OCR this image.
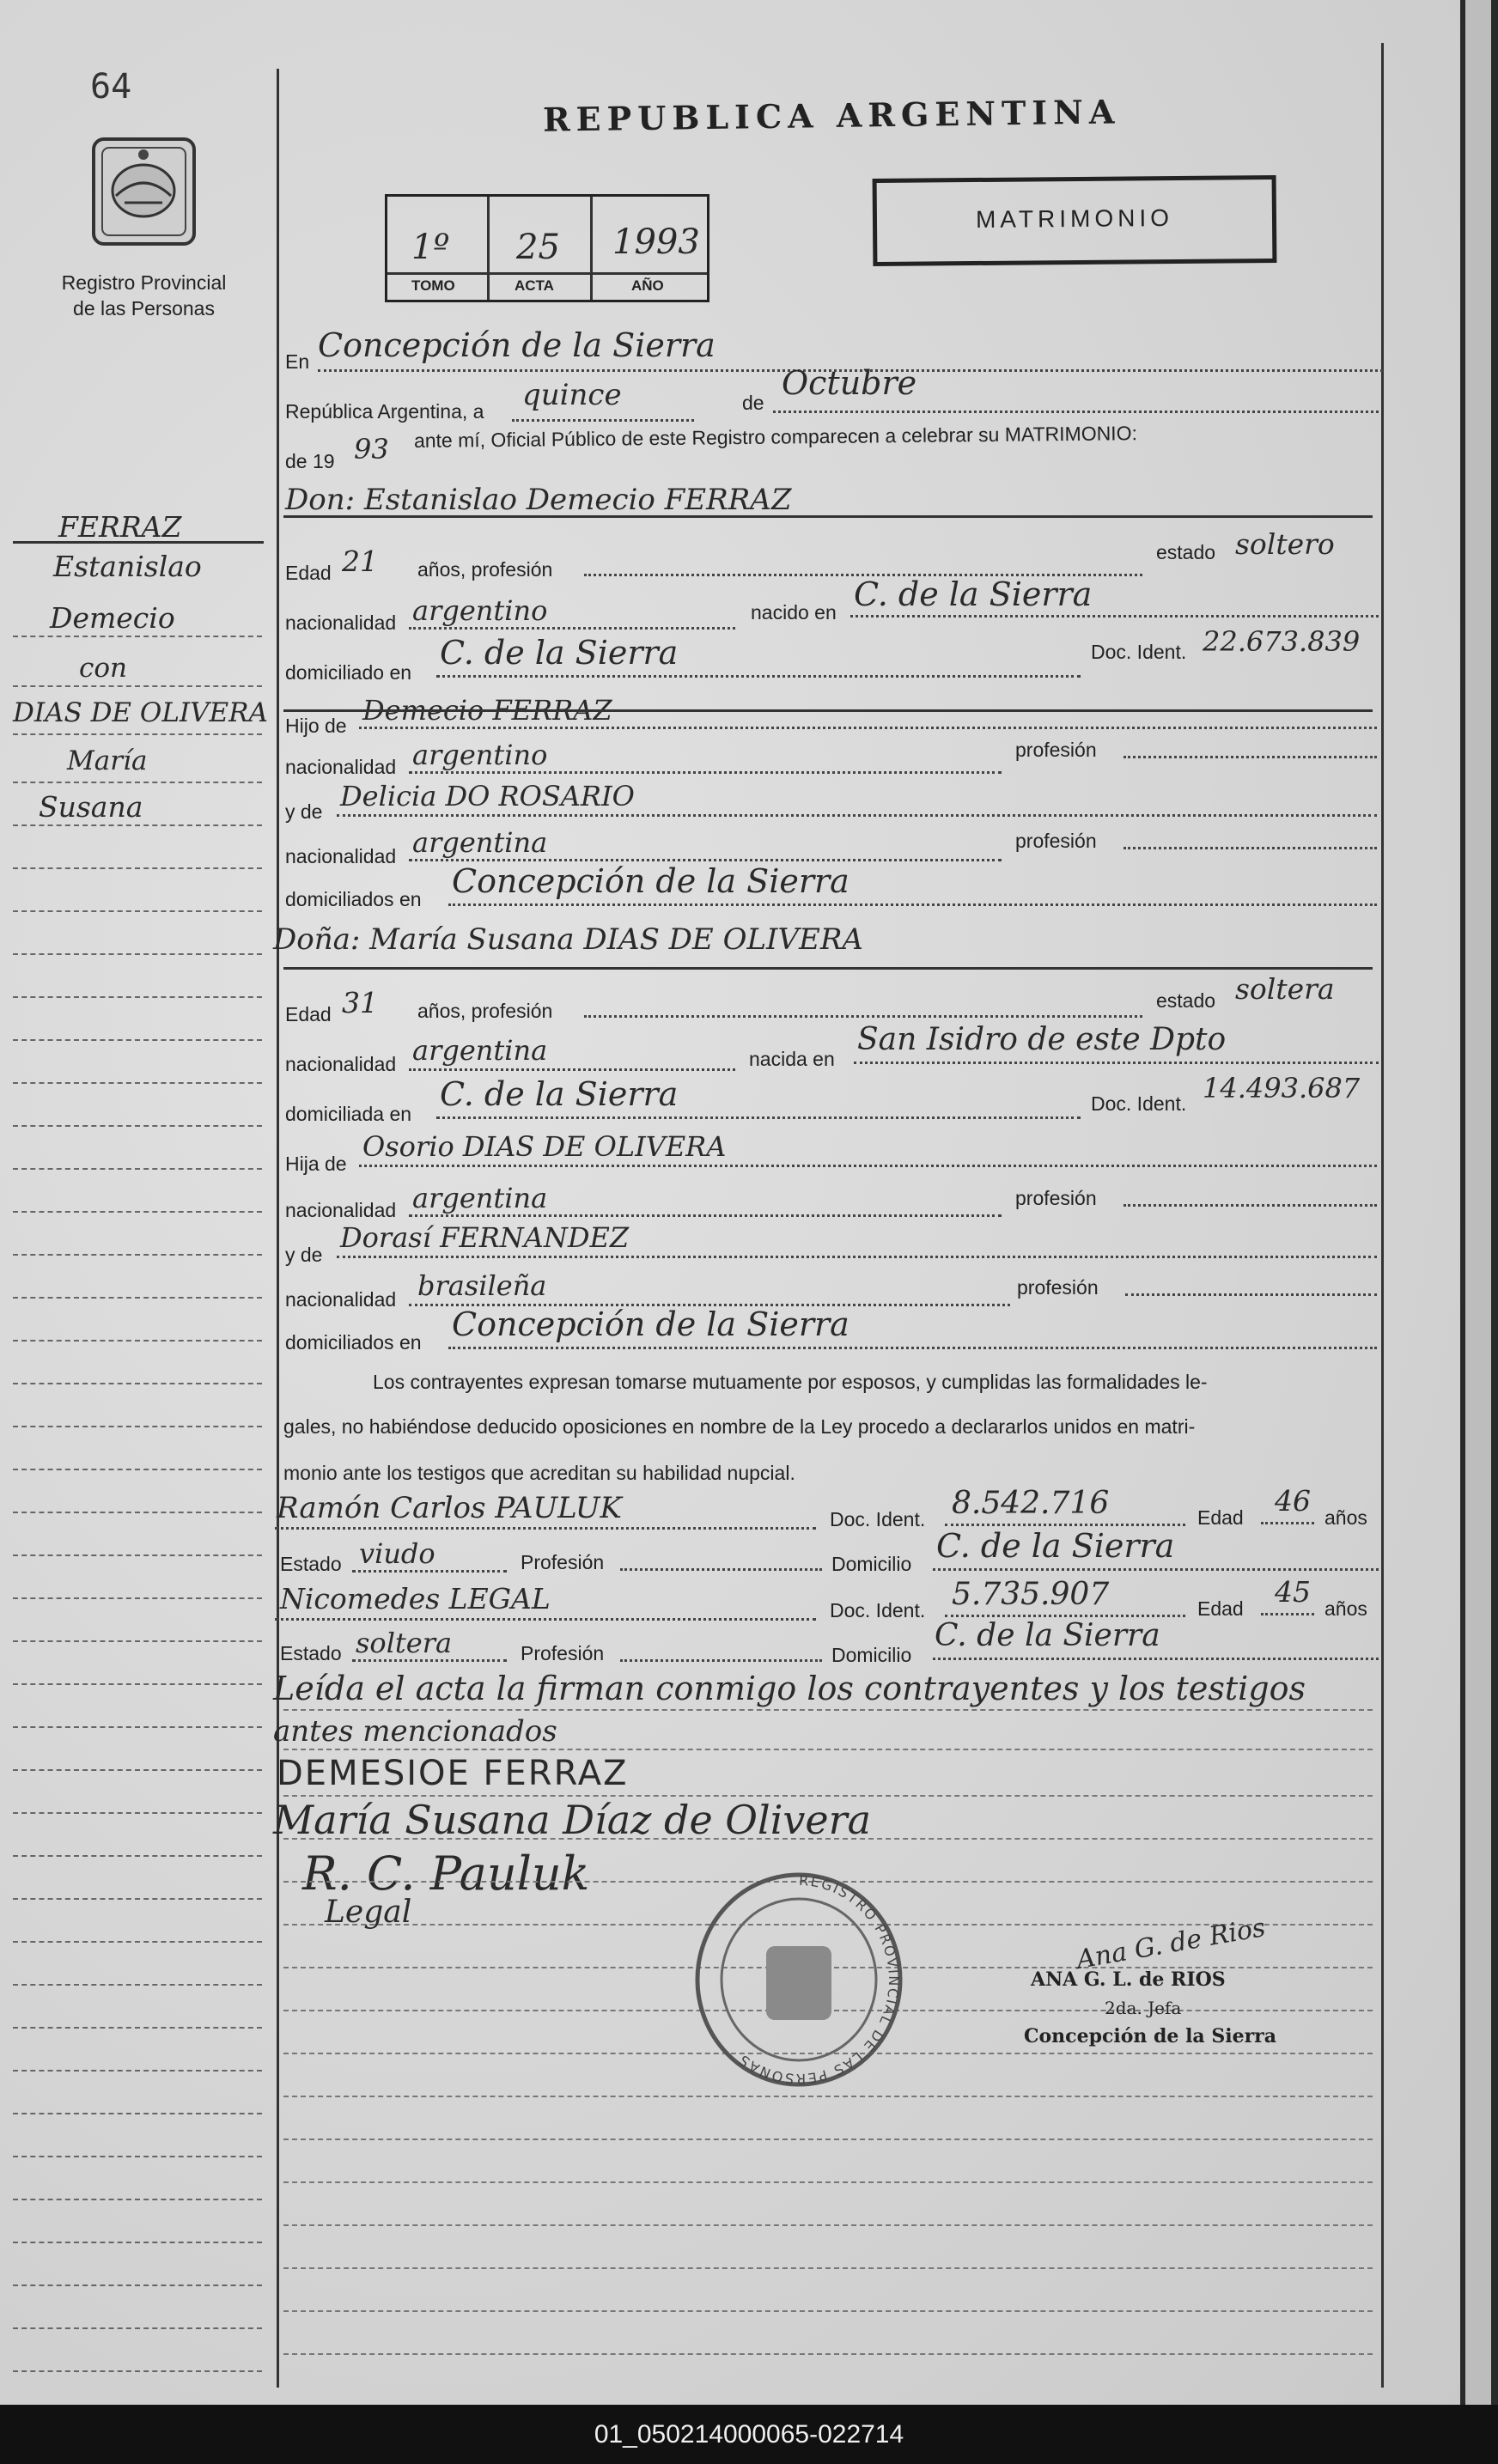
64
Registro Provincial
de las Personas
REPUBLICA ARGENTINA
1º 25 1993
TOMO	ACTA	AÑO
MATRIMONIO
FERRAZ
Estanislao
Demecio
con
DIAS DE OLIVERA
María
Susana
En Concepción de la Sierra
República Argentina, a quince	de
Octubre
de 19 93 ante mí, Oficial Público de este Registro comparecen a celebrar su MATRIMONIO:
Don: Estanislao Demecio FERRAZ
Edad 21 años, profesión
estado soltero
nacionalidad argentino	nacido en C. de la Sierra
domiciliado en
C. de la Sierra	Doc. Ident. 22.673.839
Hijo de Demecio FERRAZ
nacionalidad argentino	profesión
y de Delicia DO ROSARIO
nacionalidad argentina	profesión
domiciliados en Concepción de la Sierra
Doña: María Susana DIAS DE OLIVERA
Edad 31 años, profesión	estado soltera
nacionalidad argentina	nacida en
San Isidro de este Dpto
domiciliada en
C. de la Sierra	Doc. Ident. 14.493.687
Hija de
Osorio DIAS DE OLIVERA
nacionalidad argentina	profesión
y de
Dorasí FERNANDEZ
nacionalidad brasileña	profesión
domiciliados en Concepción de la Sierra
Los contrayentes expresan tomarse mutuamente por esposos, y cumplidas las formalidades le-
gales, no habiéndose deducido oposiciones en nombre de la Ley procedo a declararlos unidos en matri-
monio ante los testigos que acreditan su habilidad nupcial.
Ramón Carlos PAULUK	Doc. Ident. 8.542.716	Edad 46 años
Estado viudo	Profesión	Domicilio C. de la Sierra
Nicomedes LEGAL	Doc. Ident. 5.735.907	Edad 45 años
Estado soltera	Profesión	Domicilio
C. de la Sierra
Leída el acta la firman conmigo los contrayentes y los testigos
antes mencionados
DEMESIOE FERRAZ
María Susana Díaz de Olivera
R. C. Pauluk
Legal
REGISTRO PROVINCIAL DE LAS PERSONAS
Ana G. de Rios
ANA G. L. de RIOS
2da. Jefa
Concepción de la Sierra
01_050214000065-022714
